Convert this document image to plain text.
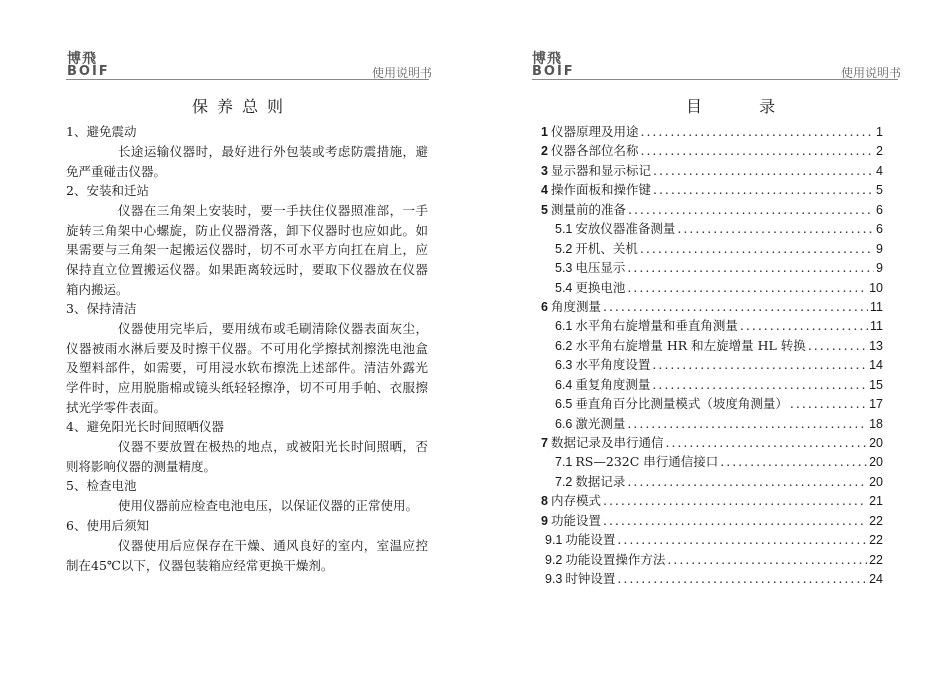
博飛
BOIF	使用说明书
保养总则
1、避免震动
长途运输仪器时，最好进行外包装或考虑防震措施，避免严重碰击仪器。
2、安装和迁站
仪器在三角架上安装时，要一手扶住仪器照准部，一手旋转三角架中心螺旋，防止仪器滑落，卸下仪器时也应如此。如果需要与三角架一起搬运仪器时，切不可水平方向扛在肩上，应保持直立位置搬运仪器。如果距离较远时，要取下仪器放在仪器箱内搬运。
3、保持清洁
仪器使用完毕后，要用绒布或毛刷清除仪器表面灰尘，仪器被雨水淋后要及时擦干仪器。不可用化学擦拭剂擦洗电池盒及塑料部件，如需要，可用浸水软布擦洗上述部件。清洁外露光学件时，应用脱脂棉或镜头纸轻轻擦净，切不可用手帕、衣服擦拭光学零件表面。
4、避免阳光长时间照晒仪器
仪器不要放置在极热的地点，或被阳光长时间照晒，否则将影响仪器的测量精度。
5、检查电池
使用仪器前应检查电池电压，以保证仪器的正常使用。
6、使用后须知
仪器使用后应保存在干燥、通风良好的室内，室温应控制在45℃以下，仪器包装箱应经常更换干燥剂。
博飛
BOIF	使用说明书
目 录
1 仪器原理及用途 .....	1
2 仪器各部位名称 .....	2
3 显示器和显示标记 .....	4
4 操作面板和操作键 .....	5
5 测量前的准备 .....	6
5.1 安放仪器准备测量 .....	6
5.2 开机、关机 .....	9
5.3 电压显示 .....	9
5.4 更换电池 .....	10
6 角度测量 .....	11
6.1 水平角右旋增量和垂直角测量 .....	11
6.2 水平角右旋增量 HR 和左旋增量 HL 转换 .....	13
6.3 水平角度设置 .....	14
6.4 重复角度测量 .....	15
6.5 垂直角百分比测量模式（坡度角测量） .....	17
6.6 激光测量 .....	18
7 数据记录及串行通信 .....	20
7.1 RS—232C 串行通信接口 .....	20
7.2 数据记录 .....	20
8 内存模式 .....	21
9 功能设置 .....	22
9.1 功能设置 .....	22
9.2 功能设置操作方法 .....	22
9.3 时钟设置 .....	24
